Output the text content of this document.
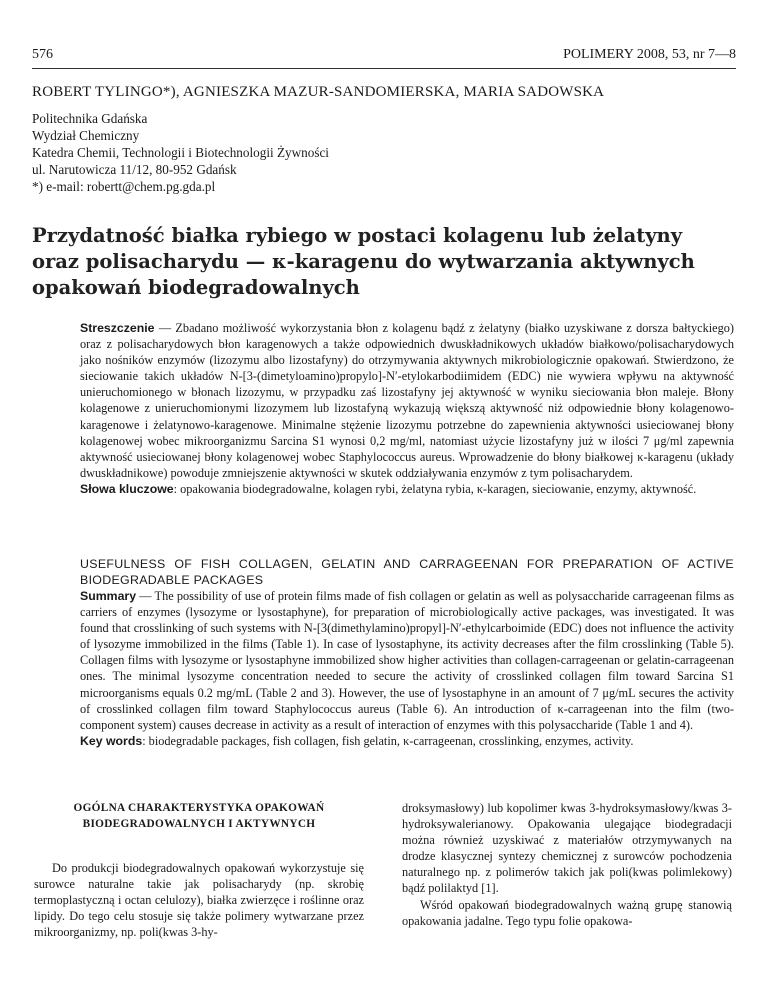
576	POLIMERY 2008, 53, nr 7—8
ROBERT TYLINGO*), AGNIESZKA MAZUR-SANDOMIERSKA, MARIA SADOWSKA
Politechnika Gdańska
Wydział Chemiczny
Katedra Chemii, Technologii i Biotechnologii Żywności
ul. Narutowicza 11/12, 80-952 Gdańsk
*) e-mail: robertt@chem.pg.gda.pl
Przydatność białka rybiego w postaci kolagenu lub żelatyny
oraz polisacharydu — κ-karagenu do wytwarzania aktywnych
opakowań biodegradowalnych

Streszczenie — Zbadano możliwość wykorzystania błon z kolagenu bądź z żelatyny (białko uzyskiwane z dorsza bałtyckiego) oraz z polisacharydowych błon karagenowych a także odpowiednich dwuskładnikowych układów białkowo/polisacharydowych jako nośników enzymów (lizozymu albo lizostafyny) do otrzymywania aktywnych mikrobiologicznie opakowań. Stwierdzono, że sieciowanie takich układów N-[3-(dimetyloamino)propylo]-N′-etylokarbodiimidem (EDC) nie wywiera wpływu na aktywność unieruchomionego w błonach lizozymu, w przypadku zaś lizostafyny jej aktywność w wyniku sieciowania błon maleje. Błony kolagenowe z unieruchomionymi lizozymem lub lizostafyną wykazują większą aktywność niż odpowiednie błony kolagenowo-karagenowe i żelatynowo-karagenowe. Minimalne stężenie lizozymu potrzebne do zapewnienia aktywności usieciowanej błony kolagenowej wobec mikroorganizmu Sarcina S1 wynosi 0,2 mg/ml, natomiast użycie lizostafyny już w ilości 7 μg/ml zapewnia aktywność usieciowanej błony kolagenowej wobec Staphylococcus aureus. Wprowadzenie do błony białkowej κ-karagenu (układy dwuskładnikowe) powoduje zmniejszenie aktywności w skutek oddziaływania enzymów z tym polisacharydem.

Słowa kluczowe: opakowania biodegradowalne, kolagen rybi, żelatyna rybia, κ-karagen, sieciowanie, enzymy, aktywność.

USEFULNESS OF FISH COLLAGEN, GELATIN AND CARRAGEENAN FOR PREPARATION OF ACTIVE BIODEGRADABLE PACKAGES

Summary — The possibility of use of protein films made of fish collagen or gelatin as well as polysaccharide carrageenan films as carriers of enzymes (lysozyme or lysostaphyne), for preparation of microbiologically active packages, was investigated. It was found that crosslinking of such systems with N-[3(dimethylamino)propyl]-N′-ethylcarboimide (EDC) does not influence the activity of lysozyme immobilized in the films (Table 1). In case of lysostaphyne, its activity decreases after the film crosslinking (Table 5). Collagen films with lysozyme or lysostaphyne immobilized show higher activities than collagen-carrageenan or gelatin-carrageenan ones. The minimal lysozyme concentration needed to secure the activity of crosslinked collagen film toward Sarcina S1 microorganisms equals 0.2 mg/mL (Table 2 and 3). However, the use of lysostaphyne in an amount of 7 μg/mL secures the activity of crosslinked collagen film toward Staphylococcus aureus (Table 6). An introduction of κ-carrageenan into the film (two-component system) causes decrease in activity as a result of interaction of enzymes with this polysaccharide (Table 1 and 4).

Key words: biodegradable packages, fish collagen, fish gelatin, κ-carrageenan, crosslinking, enzymes, activity.

OGÓLNA CHARAKTERYSTYKA OPAKOWAŃ BIODEGRADOWALNYCH I AKTYWNYCH

Do produkcji biodegradowalnych opakowań wykorzystuje się surowce naturalne takie jak polisacharydy (np. skrobię termoplastyczną i octan celulozy), białka zwierzęce i roślinne oraz lipidy. Do tego celu stosuje się także polimery wytwarzane przez mikroorganizmy, np. poli(kwas 3-hy-

droksymasłowy) lub kopolimer kwas 3-hydroksymasłowy/kwas 3-hydroksywalerianowy. Opakowania ulegające biodegradacji można również uzyskiwać z materiałów otrzymywanych na drodze klasycznej syntezy chemicznej z surowców pochodzenia naturalnego np. z polimerów takich jak poli(kwas polimlekowy) bądź polilaktyd [1].

Wśród opakowań biodegradowalnych ważną grupę stanowią opakowania jadalne. Tego typu folie opakowa-
